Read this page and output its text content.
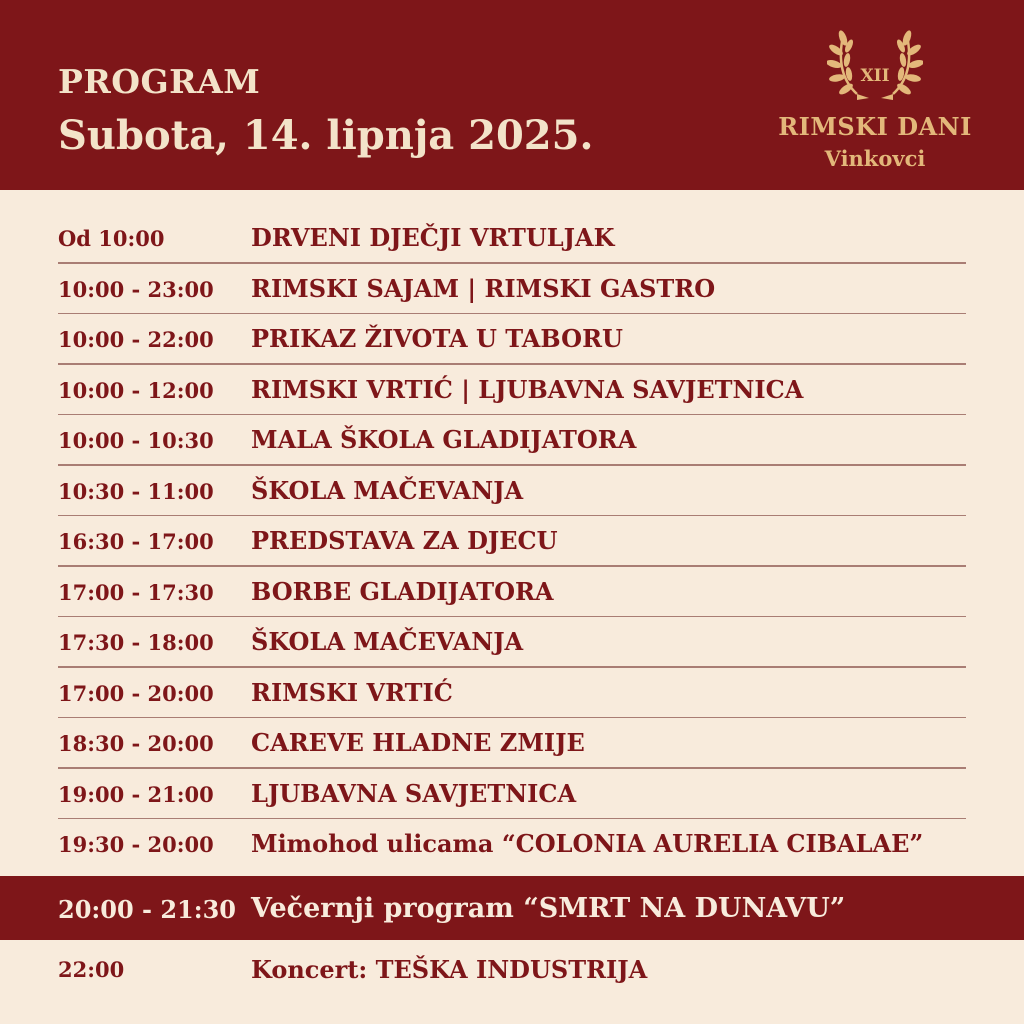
PROGRAM
Subota, 14. lipnja 2025.
XII
RIMSKI DANI
Vinkovci
Od 10:00	DRVENI DJEČJI VRTULJAK
10:00 - 23:00 RIMSKI SAJAM | RIMSKI GASTRO
10:00 - 22:00 PRIKAZ ŽIVOTA U TABORU
10:00 - 12:00 RIMSKI VRTIĆ | LJUBAVNA SAVJETNICA
10:00 - 10:30 MALA ŠKOLA GLADIJATORA
10:30 - 11:00 ŠKOLA MAČEVANJA
16:30 - 17:00 PREDSTAVA ZA DJECU
17:00 - 17:30 BORBE GLADIJATORA
17:30 - 18:00 ŠKOLA MAČEVANJA
17:00 - 20:00 RIMSKI VRTIĆ
18:30 - 20:00 CAREVE HLADNE ZMIJE
19:00 - 21:00 LJUBAVNA SAVJETNICA
19:30 - 20:00 Mimohod ulicama “COLONIA AURELIA CIBALAE”
20:00 - 21:30 Večernji program “SMRT NA DUNAVU”
22:00	Koncert: TEŠKA INDUSTRIJA
